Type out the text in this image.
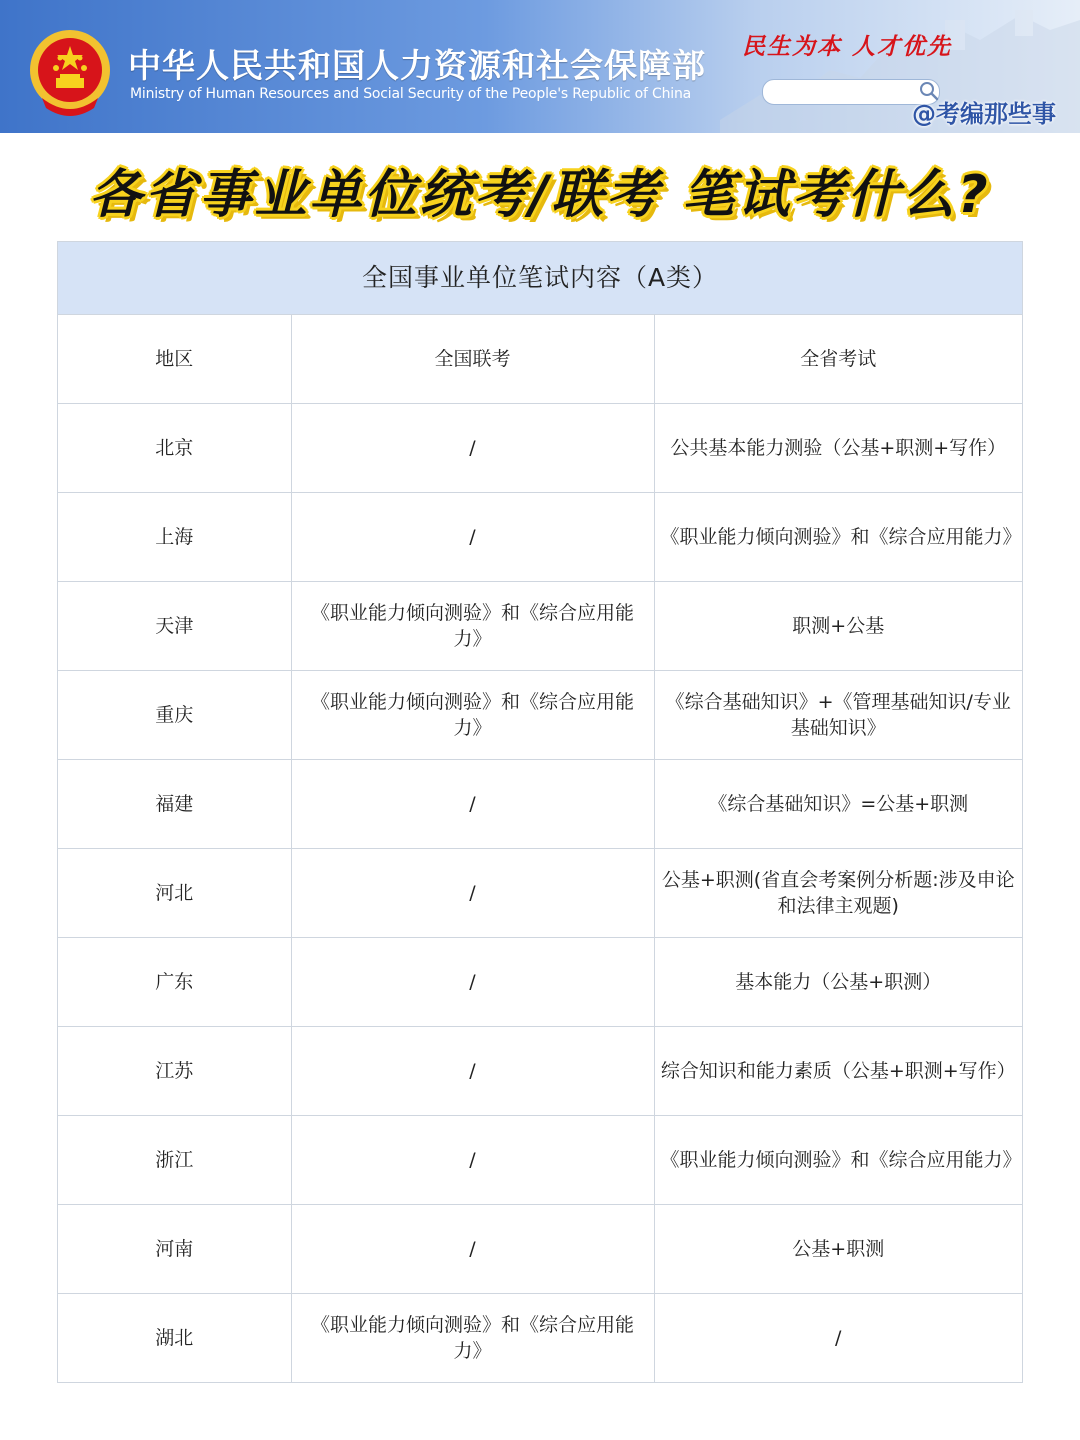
中华人民共和国人力资源和社会保障部
Ministry of Human Resources and Social Security of the People's Republic of China
民生为本 人才优先
@考编那些事
各省事业单位统考/联考 笔试考什么?
全国事业单位笔试内容（A类）
地区	全国联考	全省考试
北京	/	公共基本能力测验（公基+职测+写作）
上海	/	《职业能力倾向测验》和《综合应用能力》
天津	《职业能力倾向测验》和《综合应用能力》	职测+公基
重庆	《职业能力倾向测验》和《综合应用能力》	《综合基础知识》+《管理基础知识/专业基础知识》
福建	/	《综合基础知识》=公基+职测
河北	/	公基+职测(省直会考案例分析题:涉及申论和法律主观题)
广东	/	基本能力（公基+职测）
江苏	/	综合知识和能力素质（公基+职测+写作）
浙江	/	《职业能力倾向测验》和《综合应用能力》
河南	/	公基+职测
湖北	《职业能力倾向测验》和《综合应用能力》	/
